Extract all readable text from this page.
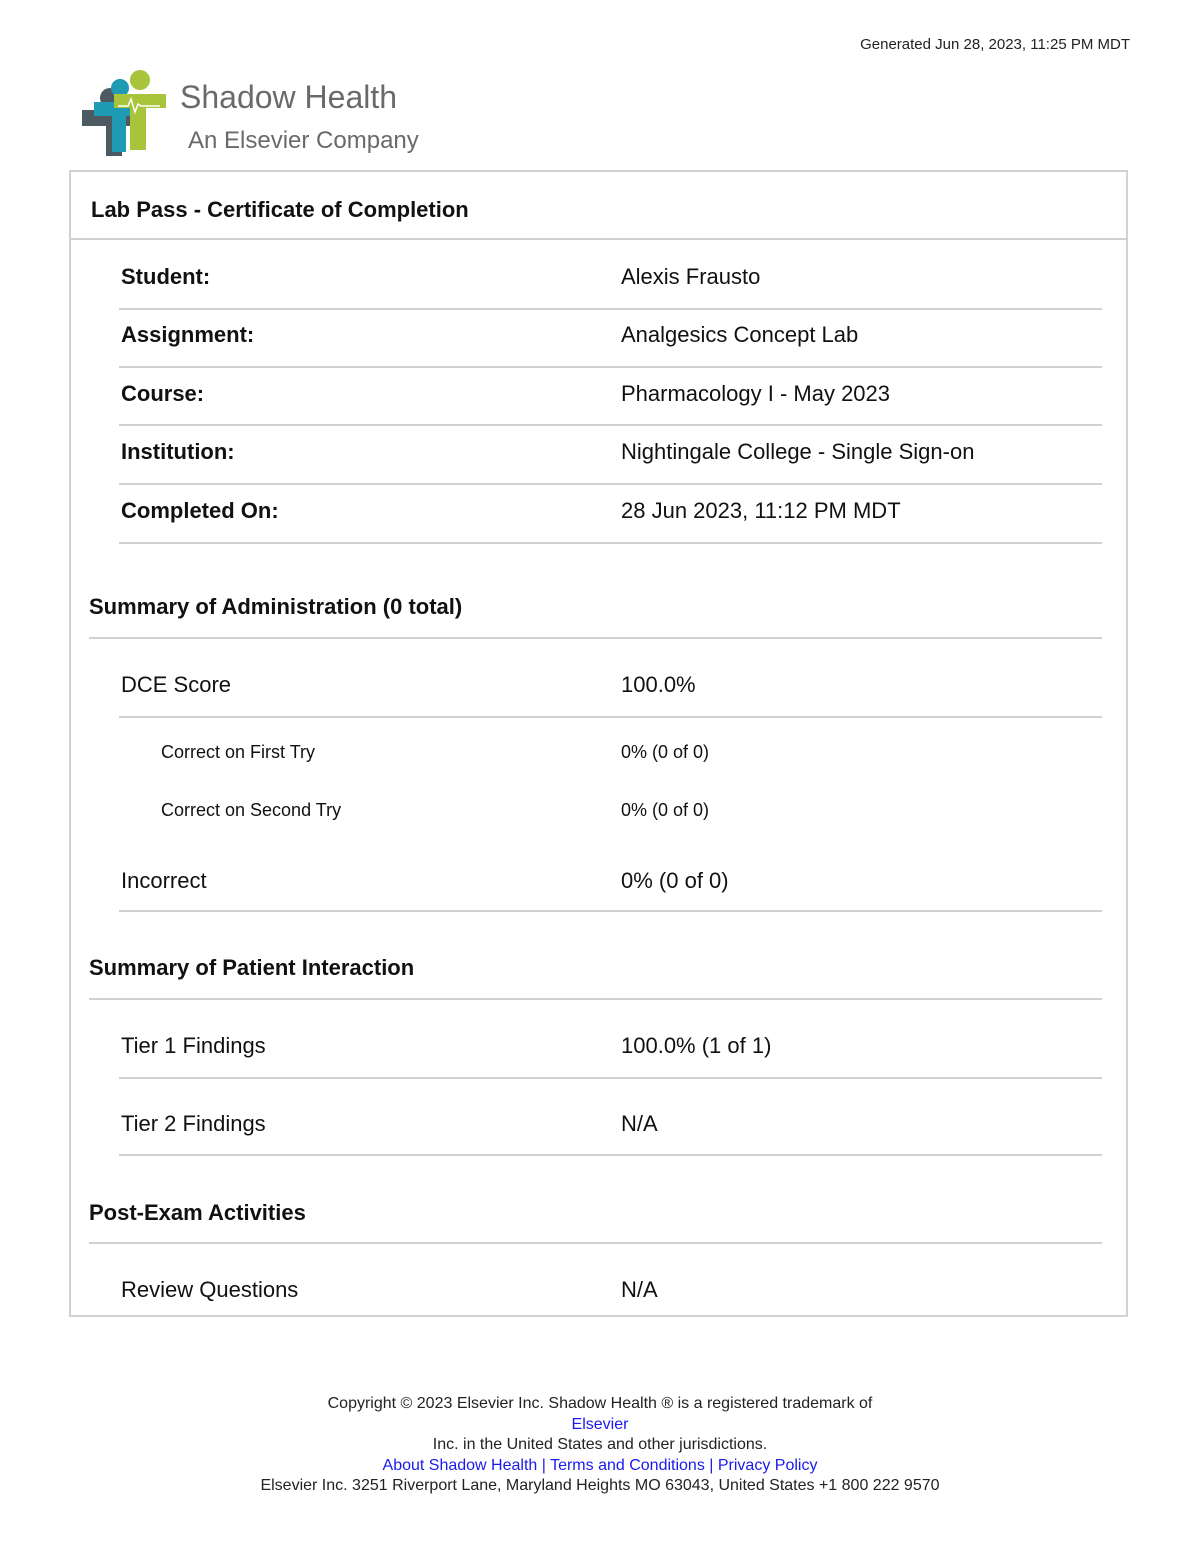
Generated Jun 28, 2023, 11:25 PM MDT
Shadow Health
An Elsevier Company
Lab Pass - Certificate of Completion
Student:	Alexis Frausto
Assignment:	Analgesics Concept Lab
Course:	Pharmacology I - May 2023
Institution:	Nightingale College - Single Sign-on
Completed On:	28 Jun 2023, 11:12 PM MDT
Summary of Administration (0 total)
DCE Score	100.0%
Correct on First Try	0% (0 of 0)
Correct on Second Try	0% (0 of 0)
Incorrect	0% (0 of 0)
Summary of Patient Interaction
Tier 1 Findings	100.0% (1 of 1)
Tier 2 Findings	N/A
Post-Exam Activities
Review Questions	N/A
Copyright © 2023 Elsevier Inc. Shadow Health ® is a registered trademark of
Elsevier
Inc. in the United States and other jurisdictions.
About Shadow Health | Terms and Conditions | Privacy Policy
Elsevier Inc. 3251 Riverport Lane, Maryland Heights MO 63043, United States +1 800 222 9570
